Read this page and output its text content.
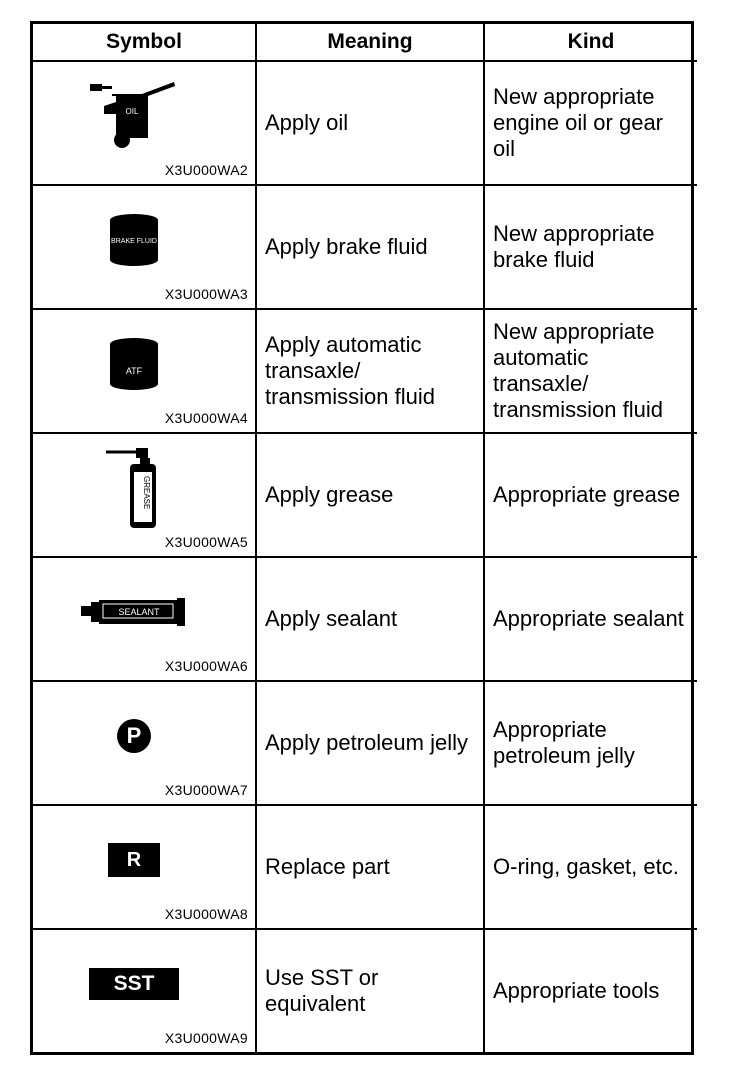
Symbol	Meaning	Kind

OIL
X3U000WA2	Apply oil	New appropriate engine oil or gear oil

BRAKE FLUID
X3U000WA3	Apply brake fluid	New appropriate brake fluid

ATF
X3U000WA4	Apply automatic transaxle/ transmission fluid	New appropriate automatic transaxle/ transmission fluid

GREASE
X3U000WA5	Apply grease	Appropriate grease

SEALANT
X3U000WA6	Apply sealant	Appropriate sealant

P
X3U000WA7	Apply petroleum jelly	Appropriate petroleum jelly

R
X3U000WA8	Replace part	O-ring, gasket, etc.

SST
X3U000WA9	Use SST or equivalent	Appropriate tools
